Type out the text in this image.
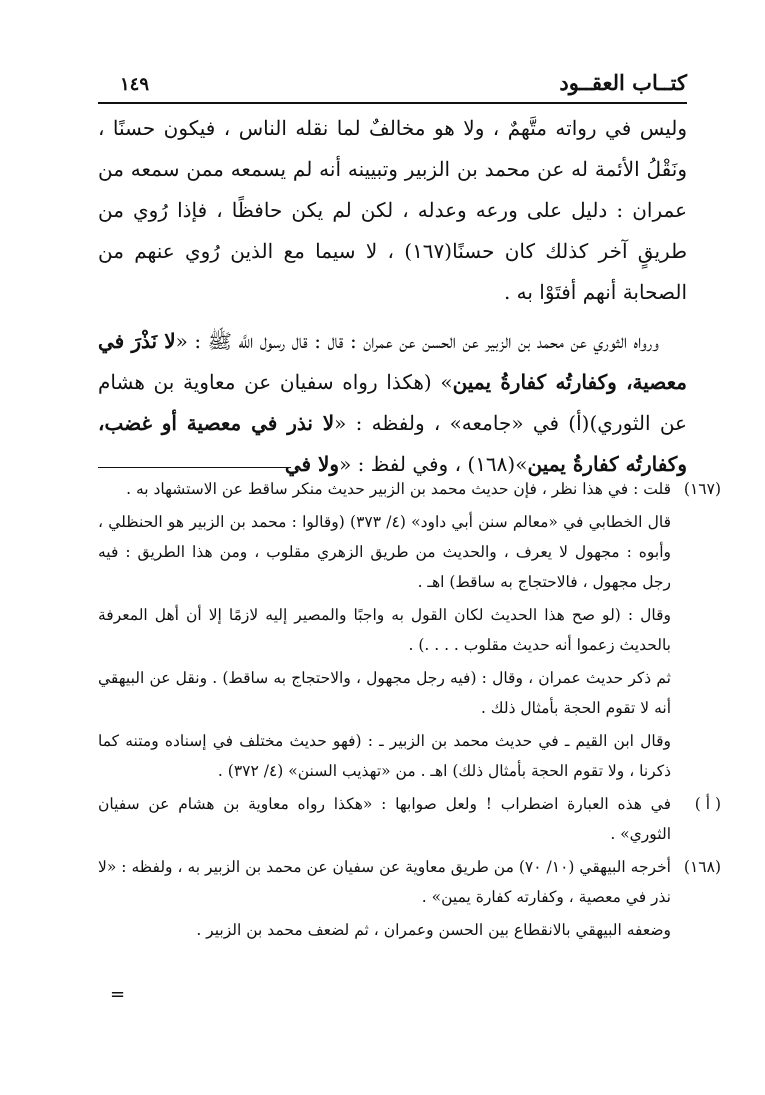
كتــاب العقــود
١٤٩

وليس في رواته متَّهمٌ ، ولا هو مخالفٌ لما نقله الناس ، فيكون حسنًا ، ونَقْلُ الأئمة له عن محمد بن الزبير وتبيينه أنه لم يسمعه ممن سمعه من عمران : دليل على ورعه وعدله ، لكن لم يكن حافظًا ، فإذا رُوي من طريقٍ آخر كذلك كان حسنًا(١٦٧) ، لا سيما مع الذين رُوي عنهم من الصحابة أنهم أفتَوْا به .

ورواه الثوري عن محمد بن الزبير عن الحسن عن عمران : قال : قال رسول اللَّه ﷺ : «لا نَذْرَ في معصية، وكفارتُه كفارةُ يمين» (هكذا رواه سفيان عن معاوية بن هشام عن الثوري)(أ) في «جامعه» ، ولفظه : «لا نذر في معصية أو غضب، وكفارتُه كفارةُ يمين»(١٦٨) ، وفي لفظ : «ولا في

(١٦٧)
قلت : في هذا نظر ، فإن حديث محمد بن الزبير حديث منكر ساقط عن الاستشهاد به .
قال الخطابي في «معالم سنن أبي داود» (٤/ ٣٧٣) (وقالوا : محمد بن الزبير هو الحنظلي ، وأبوه : مجهول لا يعرف ، والحديث من طريق الزهري مقلوب ، ومن هذا الطريق : فيه رجل مجهول ، فالاحتجاج به ساقط) اهـ .
وقال : (لو صح هذا الحديث لكان القول به واجبًا والمصير إليه لازمًا إلا أن أهل المعرفة بالحديث زعموا أنه حديث مقلوب . . . .) .
ثم ذكر حديث عمران ، وقال : (فيه رجل مجهول ، والاحتجاج به ساقط) . ونقل عن البيهقي أنه لا تقوم الحجة بأمثال ذلك .
وقال ابن القيم ـ في حديث محمد بن الزبير ـ : (فهو حديث مختلف في إسناده ومتنه كما ذكرنا ، ولا تقوم الحجة بأمثال ذلك) اهـ . من «تهذيب السنن» (٤/ ٣٧٢) .
( أ )
في هذه العبارة اضطراب ! ولعل صوابها : «هكذا رواه معاوية بن هشام عن سفيان الثوري» .
(١٦٨)
أخرجه البيهقي (١٠/ ٧٠) من طريق معاوية عن سفيان عن محمد بن الزبير به ، ولفظه : «لا نذر في معصية ، وكفارته كفارة يمين» .
وضعفه البيهقي بالانقطاع بين الحسن وعمران ، ثم لضعف محمد بن الزبير .
=
